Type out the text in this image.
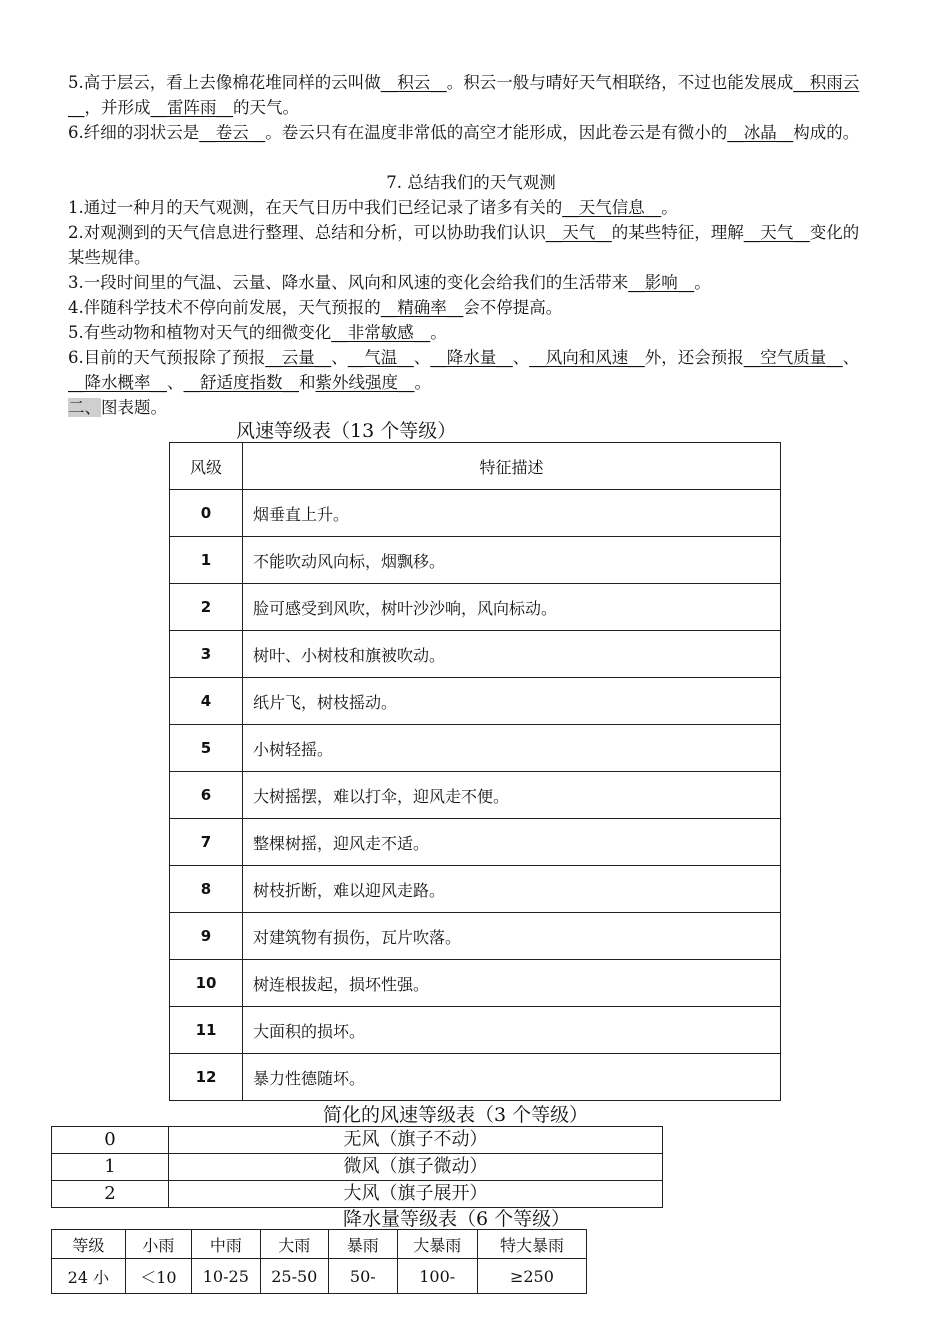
5.高于层云，看上去像棉花堆同样的云叫做__积云__。积云一般与晴好天气相联络，不过也能发展成__积雨云__，并形成__雷阵雨__的天气。
6.纤细的羽状云是__卷云__。卷云只有在温度非常低的高空才能形成，因此卷云是有微小的__冰晶__构成的。
1.通过一种月的天气观测，在天气日历中我们已经记录了诸多有关的__天气信息__。
2.对观测到的天气信息进行整理、总结和分析，可以协助我们认识__天气__的某些特征，理解__天气__变化的某些规律。
3.一段时间里的气温、云量、降水量、风向和风速的变化会给我们的生活带来__影响__。
4.伴随科学技术不停向前发展，天气预报的__精确率__会不停提高。
5.有些动物和植物对天气的细微变化__非常敏感__。
6.目前的天气预报除了预报__云量__、__气温__、__降水量__、__风向和风速__外，还会预报__空气质量__、__降水概率__、__舒适度指数__和紫外线强度__。
7. 总结我们的天气观测
二、图表题。
风速等级表（13 个等级）
风级	特征描述
0	烟垂直上升。
1	不能吹动风向标，烟飘移。
2	脸可感受到风吹，树叶沙沙响，风向标动。
3	树叶、小树枝和旗被吹动。
4	纸片飞，树枝摇动。
5	小树轻摇。
6	大树摇摆，难以打伞，迎风走不便。
7	整棵树摇，迎风走不适。
8	树枝折断，难以迎风走路。
9	对建筑物有损伤，瓦片吹落。
10	树连根拔起，损坏性强。
11	大面积的损坏。
12	暴力性德随坏。
简化的风速等级表（3 个等级）
0	无风（旗子不动）
1	微风（旗子微动）
2	大风（旗子展开）
降水量等级表（6 个等级）
等级	小雨	中雨	大雨	暴雨	大暴雨	特大暴雨
24 小	＜10	10-25	25-50	50-	100-	≥250
